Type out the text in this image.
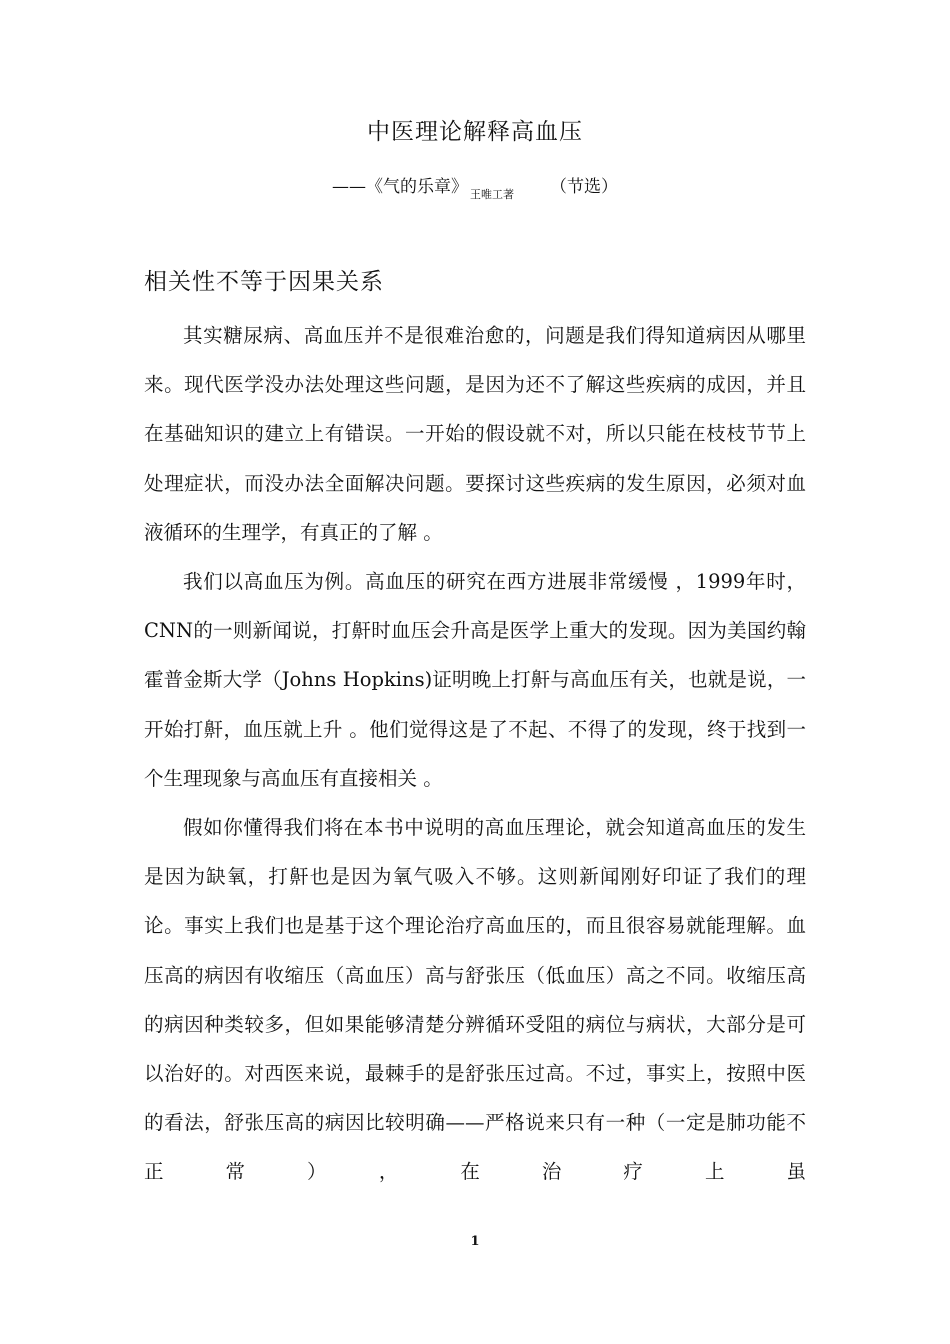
中医理论解释高血压
——《气的乐章》 $_{王唯工著}$ （节选）
相关性不等于因果关系

其实糖尿病、高血压并不是很难治愈的，问题是我们得知道病因从哪里来。现代医学没办法处理这些问题，是因为还不了解这些疾病的成因，并且在基础知识的建立上有错误。一开始的假设就不对，所以只能在枝枝节节上处理症状，而没办法全面解决问题。要探讨这些疾病的发生原因，必须对血液循环的生理学，有真正的了解 。

我们以高血压为例。高血压的研究在西方进展非常缓慢 ，1999年时，CNN的一则新闻说，打鼾时血压会升高是医学上重大的发现。因为美国约翰霍普金斯大学（Johns Hopkins)证明晚上打鼾与高血压有关，也就是说，一开始打鼾，血压就上升 。他们觉得这是了不起、不得了的发现，终于找到一个生理现象与高血压有直接相关 。

假如你懂得我们将在本书中说明的高血压理论，就会知道高血压的发生是因为缺氧，打鼾也是因为氧气吸入不够。这则新闻刚好印证了我们的理论。事实上我们也是基于这个理论治疗高血压的，而且很容易就能理解。血压高的病因有收缩压（高血压）高与舒张压（低血压）高之不同。收缩压高的病因种类较多，但如果能够清楚分辨循环受阻的病位与病状，大部分是可以治好的。对西医来说，最棘手的是舒张压过高。不过，事实上，按照中医的看法，舒张压高的病因比较明确——严格说来只有一种（一定是肺功能不正常），在治疗上虽

1
